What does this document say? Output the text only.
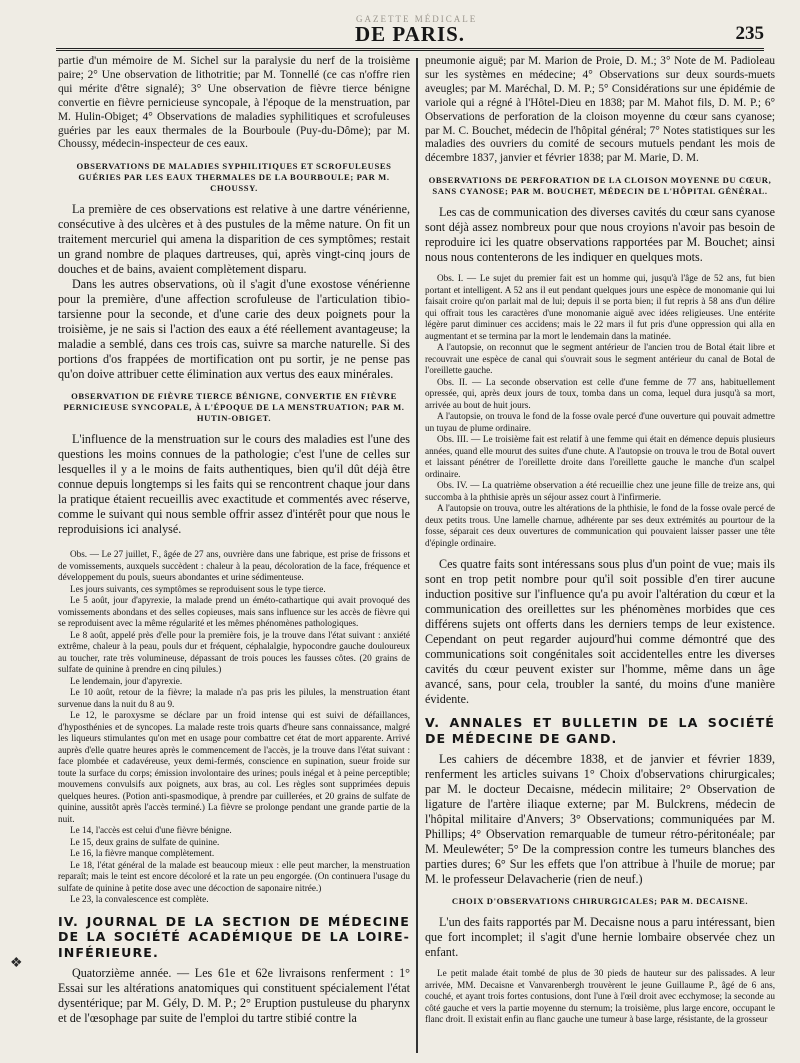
GAZETTE MÉDICALE
DE PARIS.	235

partie d'un mémoire de M. Sichel sur la paralysie du nerf de la troisième paire; 2° Une observation de lithotritie; par M. Tonnellé (ce cas n'offre rien qui mérite d'être signalé); 3° Une observation de fièvre tierce bénigne convertie en fièvre pernicieuse syncopale, à l'époque de la menstruation, par M. Hulin-Obiget; 4° Observations de maladies syphilitiques et scrofuleuses guéries par les eaux thermales de la Bourboule (Puy-du-Dôme); par M. Choussy, médecin-inspecteur de ces eaux.

OBSERVATIONS DE MALADIES SYPHILITIQUES ET SCROFULEUSES GUÉRIES PAR LES EAUX THERMALES DE LA BOURBOULE; PAR M. CHOUSSY.

La première de ces observations est relative à une dartre vénérienne, consécutive à des ulcères et à des pustules de la même nature. On fit un traitement mercuriel qui amena la disparition de ces symptômes; restait un grand nombre de plaques dartreuses, qui, après vingt-cinq jours de douches et de bains, avaient complètement disparu.

Dans les autres observations, où il s'agit d'une exostose vénérienne pour la première, d'une affection scrofuleuse de l'articulation tibio-tarsienne pour la seconde, et d'une carie des deux poignets pour la troisième, je ne sais si l'action des eaux a été réellement avantageuse; la maladie a semblé, dans ces trois cas, suivre sa marche naturelle. Si des portions d'os frappées de mortification ont pu sortir, je ne pense pas qu'on doive attribuer cette élimination aux vertus des eaux minérales.

OBSERVATION DE FIÈVRE TIERCE BÉNIGNE, CONVERTIE EN FIÈVRE PERNICIEUSE SYNCOPALE, À L'ÉPOQUE DE LA MENSTRUATION; PAR M. HUTIN-OBIGET.

L'influence de la menstruation sur le cours des maladies est l'une des questions les moins connues de la pathologie; c'est l'une de celles sur lesquelles il y a le moins de faits authentiques, bien qu'il dût déjà être connue depuis longtemps si les faits qui se rencontrent chaque jour dans la pratique étaient recueillis avec exactitude et commentés avec réserve, comme le suivant qui nous semble offrir assez d'intérêt pour que nous le reproduisions ici analysé.

Obs. — Le 27 juillet, F., âgée de 27 ans, ouvrière dans une fabrique, est prise de frissons et de vomissements, auxquels succèdent : chaleur à la peau, décoloration de la face, fréquence et développement du pouls, sueurs abondantes et urine sédimenteuse.

Les jours suivants, ces symptômes se reproduisent sous le type tierce.

Le 5 août, jour d'apyrexie, la malade prend un éméto-cathartique qui avait provoqué des vomissements abondans et des selles copieuses, mais sans influence sur les accès de fièvre qui se reproduisent avec la même régularité et les mêmes phénomènes pathologiques.

Le 8 août, appelé près d'elle pour la première fois, je la trouve dans l'état suivant : anxiété extrême, chaleur à la peau, pouls dur et fréquent, céphalalgie, hypocondre gauche douloureux au toucher, rate très volumineuse, dépassant de trois pouces les fausses côtes. (20 grains de sulfate de quinine à prendre en cinq pilules.)

Le lendemain, jour d'apyrexie.

Le 10 août, retour de la fièvre; la malade n'a pas pris les pilules, la menstruation étant survenue dans la nuit du 8 au 9.

Le 12, le paroxysme se déclare par un froid intense qui est suivi de défaillances, d'hyposthénies et de syncopes. La malade reste trois quarts d'heure sans connaissance, malgré les liqueurs stimulantes qu'on met en usage pour combattre cet état de mort apparente. Arrivé auprès d'elle quatre heures après le commencement de l'accès, je la trouve dans l'état suivant : face plombée et cadavéreuse, yeux demi-fermés, conscience en supination, sueur froide sur toute la surface du corps; émission involontaire des urines; pouls inégal et à peine perceptible; mouvemens convulsifs aux poignets, aux bras, au col. Les règles sont supprimées depuis quelques heures. (Potion anti-spasmodique, à prendre par cuillerées, et 20 grains de sulfate de quinine, aussitôt après l'accès terminé.) La fièvre se prolonge pendant une grande partie de la nuit.

Le 14, l'accès est celui d'une fièvre bénigne.

Le 15, deux grains de sulfate de quinine.

Le 16, la fièvre manque complètement.

Le 18, l'état général de la malade est beaucoup mieux : elle peut marcher, la menstruation reparaît; mais le teint est encore décoloré et la rate un peu engorgée. (On continuera l'usage du sulfate de quinine à petite dose avec une décoction de saponaire nitrée.)

Le 23, la convalescence est complète.

IV. JOURNAL DE LA SECTION DE MÉDECINE DE LA SOCIÉTÉ ACADÉMIQUE DE LA LOIRE-INFÉRIEURE.

Quatorzième année. — Les 61e et 62e livraisons renferment : 1° Essai sur les altérations anatomiques qui constituent spécialement l'état dysentérique; par M. Gély, D. M. P.; 2° Eruption pustuleuse du pharynx et de l'œsophage par suite de l'emploi du tartre stibié contre la

pneumonie aiguë; par M. Marion de Proie, D. M.; 3° Note de M. Padioleau sur les systèmes en médecine; 4° Observations sur deux sourds-muets aveugles; par M. Maréchal, D. M. P.; 5° Considérations sur une épidémie de variole qui a régné à l'Hôtel-Dieu en 1838; par M. Mahot fils, D. M. P.; 6° Observations de perforation de la cloison moyenne du cœur sans cyanose; par M. C. Bouchet, médecin de l'hôpital général; 7° Notes statistiques sur les maladies des ouvriers du comité de secours mutuels pendant les mois de décembre 1837, janvier et février 1838; par M. Marie, D. M.

OBSERVATIONS DE PERFORATION DE LA CLOISON MOYENNE DU CŒUR, SANS CYANOSE; PAR M. BOUCHET, MÉDECIN DE L'HÔPITAL GÉNÉRAL.

Les cas de communication des diverses cavités du cœur sans cyanose sont déjà assez nombreux pour que nous croyions n'avoir pas besoin de reproduire ici les quatre observations rapportées par M. Bouchet; ainsi nous nous contenterons de les indiquer en quelques mots.

Obs. I. — Le sujet du premier fait est un homme qui, jusqu'à l'âge de 52 ans, fut bien portant et intelligent. A 52 ans il eut pendant quelques jours une espèce de monomanie qui lui faisait croire qu'on parlait mal de lui; depuis il se porta bien; il fut repris à 58 ans d'un délire qui offrait tous les caractères d'une monomanie aiguë avec idées religieuses. Une entérite légère parut diminuer ces accidens; mais le 22 mars il fut pris d'une oppression qui alla en augmentant et se termina par la mort le lendemain dans la matinée.

A l'autopsie, on reconnut que le segment antérieur de l'ancien trou de Botal était libre et recouvrait une espèce de canal qui s'ouvrait sous le segment antérieur du canal de Botal de l'oreillette gauche.

Obs. II. — La seconde observation est celle d'une femme de 77 ans, habituellement opressée, qui, après deux jours de toux, tomba dans un coma, lequel dura jusqu'à sa mort, arrivée au bout de huit jours.

A l'autopsie, on trouva le fond de la fosse ovale percé d'une ouverture qui pouvait admettre un tuyau de plume ordinaire.

Obs. III. — Le troisième fait est relatif à une femme qui était en démence depuis plusieurs années, quand elle mourut des suites d'une chute. A l'autopsie on trouva le trou de Botal ouvert et laissant pénétrer de l'oreillette droite dans l'oreillette gauche le manche d'un scalpel ordinaire.

Obs. IV. — La quatrième observation a été recueillie chez une jeune fille de treize ans, qui succomba à la phthisie après un séjour assez court à l'infirmerie.

A l'autopsie on trouva, outre les altérations de la phthisie, le fond de la fosse ovale percé de deux petits trous. Une lamelle charnue, adhérente par ses deux extrémités au pourtour de la fosse, séparait ces deux ouvertures de communication qui pouvaient laisser passer une tête d'épingle ordinaire.

Ces quatre faits sont intéressans sous plus d'un point de vue; mais ils sont en trop petit nombre pour qu'il soit possible d'en tirer aucune induction positive sur l'influence qu'a pu avoir l'altération du cœur et la communication des oreillettes sur les phénomènes morbides que ces différens sujets ont offerts dans les derniers temps de leur existence. Cependant on peut regarder aujourd'hui comme démontré que des communications soit congénitales soit accidentelles entre les diverses cavités du cœur peuvent exister sur l'homme, même dans un âge avancé, sans, pour cela, troubler la santé, du moins d'une manière évidente.

V. ANNALES ET BULLETIN DE LA SOCIÉTÉ DE MÉDECINE DE GAND.

Les cahiers de décembre 1838, et de janvier et février 1839, renferment les articles suivans 1° Choix d'observations chirurgicales; par M. le docteur Decaisne, médecin militaire; 2° Observation de ligature de l'artère iliaque externe; par M. Bulckrens, médecin de l'hôpital militaire d'Anvers; 3° Observations; communiquées par M. Phillips; 4° Observation remarquable de tumeur rétro-péritonéale; par M. Meulewéter; 5° De la compression contre les tumeurs blanches des parties dures; 6° Sur les effets que l'on attribue à l'huile de morue; par M. le professeur Delavacherie (rien de neuf.)

CHOIX D'OBSERVATIONS CHIRURGICALES; PAR M. DECAISNE.

L'un des faits rapportés par M. Decaisne nous a paru intéressant, bien que fort incomplet; il s'agit d'une hernie lombaire observée chez un enfant.

Le petit malade était tombé de plus de 30 pieds de hauteur sur des palissades. A leur arrivée, MM. Decaisne et Vanvarenbergh trouvèrent le jeune Guillaume P., âgé de 6 ans, couché, et ayant trois fortes contusions, dont l'une à l'œil droit avec ecchymose; la seconde au côté gauche et vers la partie moyenne du sternum; la troisième, plus large encore, occupant le flanc droit. Il existait enfin au flanc gauche une tumeur à base large, résistante, de la grosseur

❖
